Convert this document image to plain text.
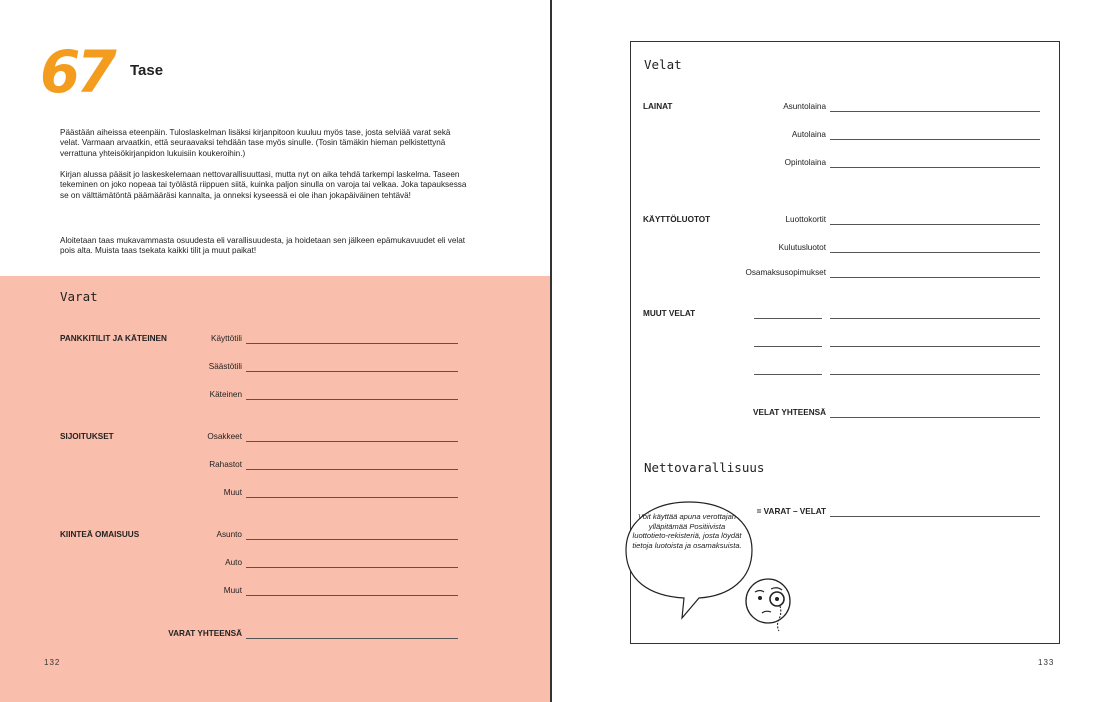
67 Tase

Päästään aiheissa eteenpäin. Tuloslaskelman lisäksi kirjanpitoon kuuluu myös tase, josta selviää varat sekä velat. Varmaan arvaatkin, että seuraavaksi tehdään tase myös sinulle. (Tosin tämäkin hieman pelkistettynä verrattuna yhteisökirjanpidon lukuisiin koukeroihin.)

Kirjan alussa pääsit jo laskeskelemaan nettovarallisuuttasi, mutta nyt on aika tehdä tarkempi laskelma. Taseen tekeminen on joko nopeaa tai työlästä riippuen siitä, kuinka paljon sinulla on varoja tai velkaa. Joka tapauksessa se on välttämätöntä päämääräsi kannalta, ja onneksi kyseessä ei ole ihan jokapäiväinen tehtävä!

Aloitetaan taas mukavammasta osuudesta eli varallisuudesta, ja hoidetaan sen jälkeen epämukavuudet eli velat pois alta. Muista taas tsekata kaikki tilit ja muut paikat!

Varat
PANKKITILIT JA KÄTEINEN	Käyttötili
Säästötili
Käteinen
SIJOITUKSET	Osakkeet
Rahastot
Muut
KIINTEÄ OMAISUUS	Asunto
Auto
Muut
VARAT YHTEENSÄ
132
Velat
LAINAT	Asuntolaina
Autolaina
Opintolaina
KÄYTTÖLUOTOT	Luottokortit
Kulutusluotot
Osamaksusopimukset
MUUT VELAT
VELAT YHTEENSÄ
Nettovarallisuus
= VARAT – VELAT
Voit käyttää apuna verottajan ylläpitämää Positiivista luottotieto-rekisteriä, josta löydät tietoja luotoista ja osamaksuista.
133
